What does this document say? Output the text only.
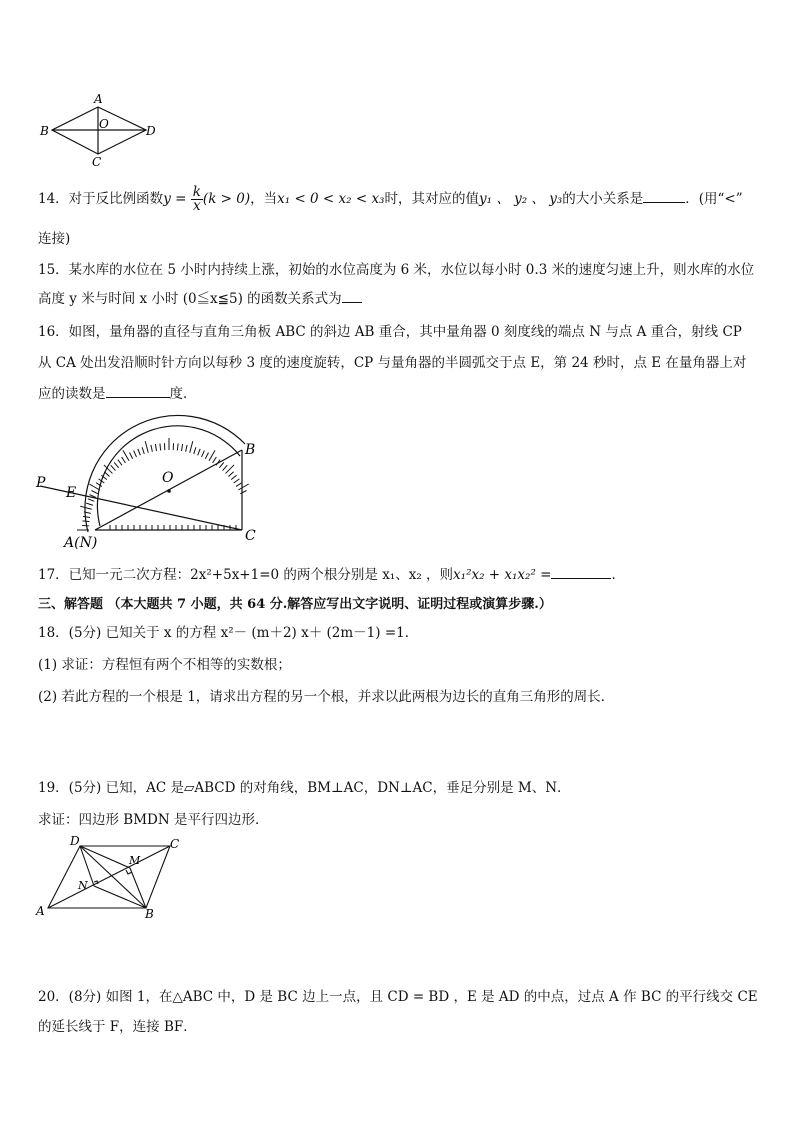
A
B	D
C
O
14．对于反比例函数$y = \frac{k}{x} (k > 0)$，当x₁ < 0 < x₂ < x₃时，其对应的值y₁ 、 y₂ 、 y₃的大小关系是	．(用“<”
连接)
15．某水库的水位在 5 小时内持续上涨，初始的水位高度为 6 米，水位以每小时 0.3 米的速度匀速上升，则水库的水位
高度 y 米与时间 x 小时 (0≦x≦5) 的函数关系式为
16．如图，量角器的直径与直角三角板 ABC 的斜边 AB 重合，其中量角器 0 刻度线的端点 N 与点 A 重合，射线 CP
从 CA 处出发沿顺时针方向以每秒 3 度的速度旋转，CP 与量角器的半圆弧交于点 E，第 24 秒时，点 E 在量角器上对
应的读数是	度．
P
E
O
B
C
A(N)
17．已知一元二次方程：2x²+5x+1=0 的两个根分别是 x₁、x₂ ，则x₁²x₂ + x₁x₂² =	．
三、解答题 （本大题共 7 小题，共 64 分.解答应写出文字说明、证明过程或演算步骤.）
18．(5分) 已知关于 x 的方程 x²－ (m＋2) x＋ (2m－1) =1．
(1) 求证：方程恒有两个不相等的实数根；
(2) 若此方程的一个根是 1，请求出方程的另一个根，并求以此两根为边长的直角三角形的周长．
19．(5分) 已知，AC 是▱ABCD 的对角线，BM⊥AC，DN⊥AC，垂足分别是 M、N．
求证：四边形 BMDN 是平行四边形．
D	C
M
N
A	B
20．(8分) 如图 1，在△ABC 中，D 是 BC 边上一点，且 CD = BD ，E 是 AD 的中点，过点 A 作 BC 的平行线交 CE
的延长线于 F，连接 BF．
